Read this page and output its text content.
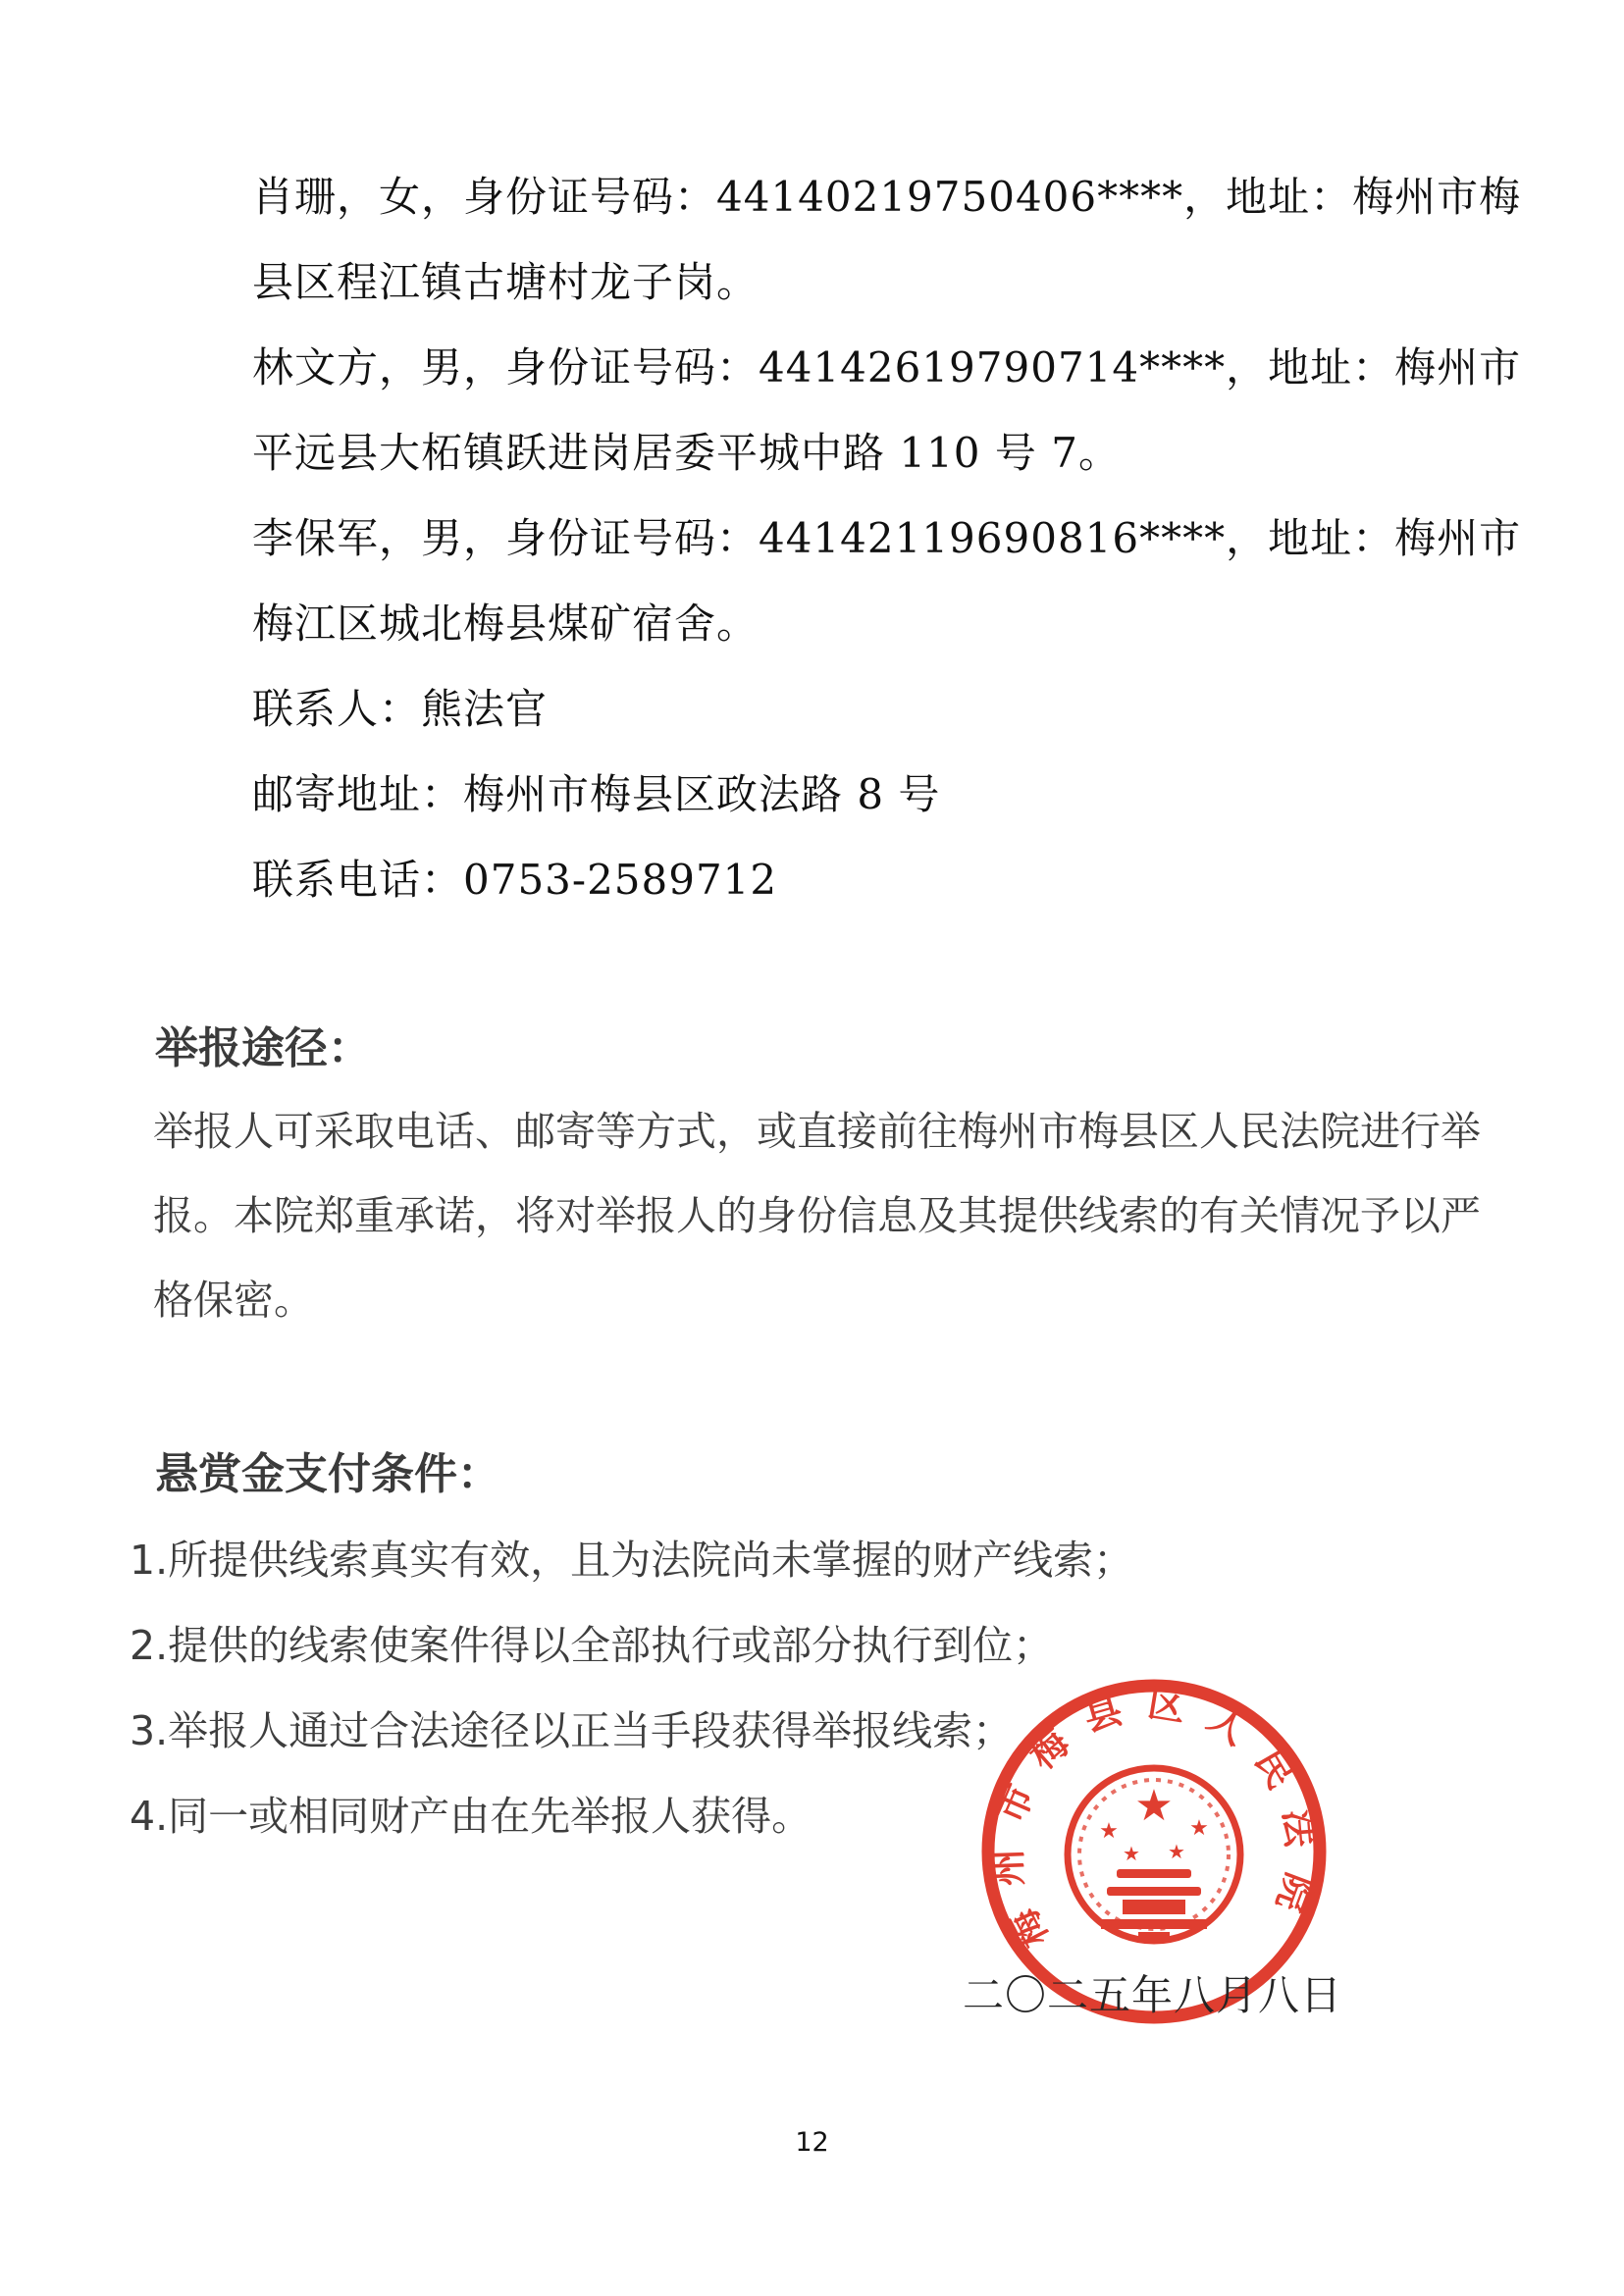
肖珊，女，身份证号码：44140219750406****，地址：梅州市梅
县区程江镇古塘村龙子岗。
林文方，男，身份证号码：44142619790714****，地址：梅州市
平远县大柘镇跃进岗居委平城中路 110 号 7。
李保军，男，身份证号码：44142119690816****，地址：梅州市
梅江区城北梅县煤矿宿舍。
联系人：熊法官
邮寄地址：梅州市梅县区政法路 8 号
联系电话：0753-2589712
举报途径：
举报人可采取电话、邮寄等方式，或直接前往梅州市梅县区人民法院进行举
报。本院郑重承诺，将对举报人的身份信息及其提供线索的有关情况予以严
格保密。
悬赏金支付条件：
1.所提供线索真实有效，且为法院尚未掌握的财产线索；
2.提供的线索使案件得以全部执行或部分执行到位；
3.举报人通过合法途径以正当手段获得举报线索；
4.同一或相同财产由在先举报人获得。
梅州市梅县区人民法院
★
★	★
★ ★
二〇二五年八月八日
12
